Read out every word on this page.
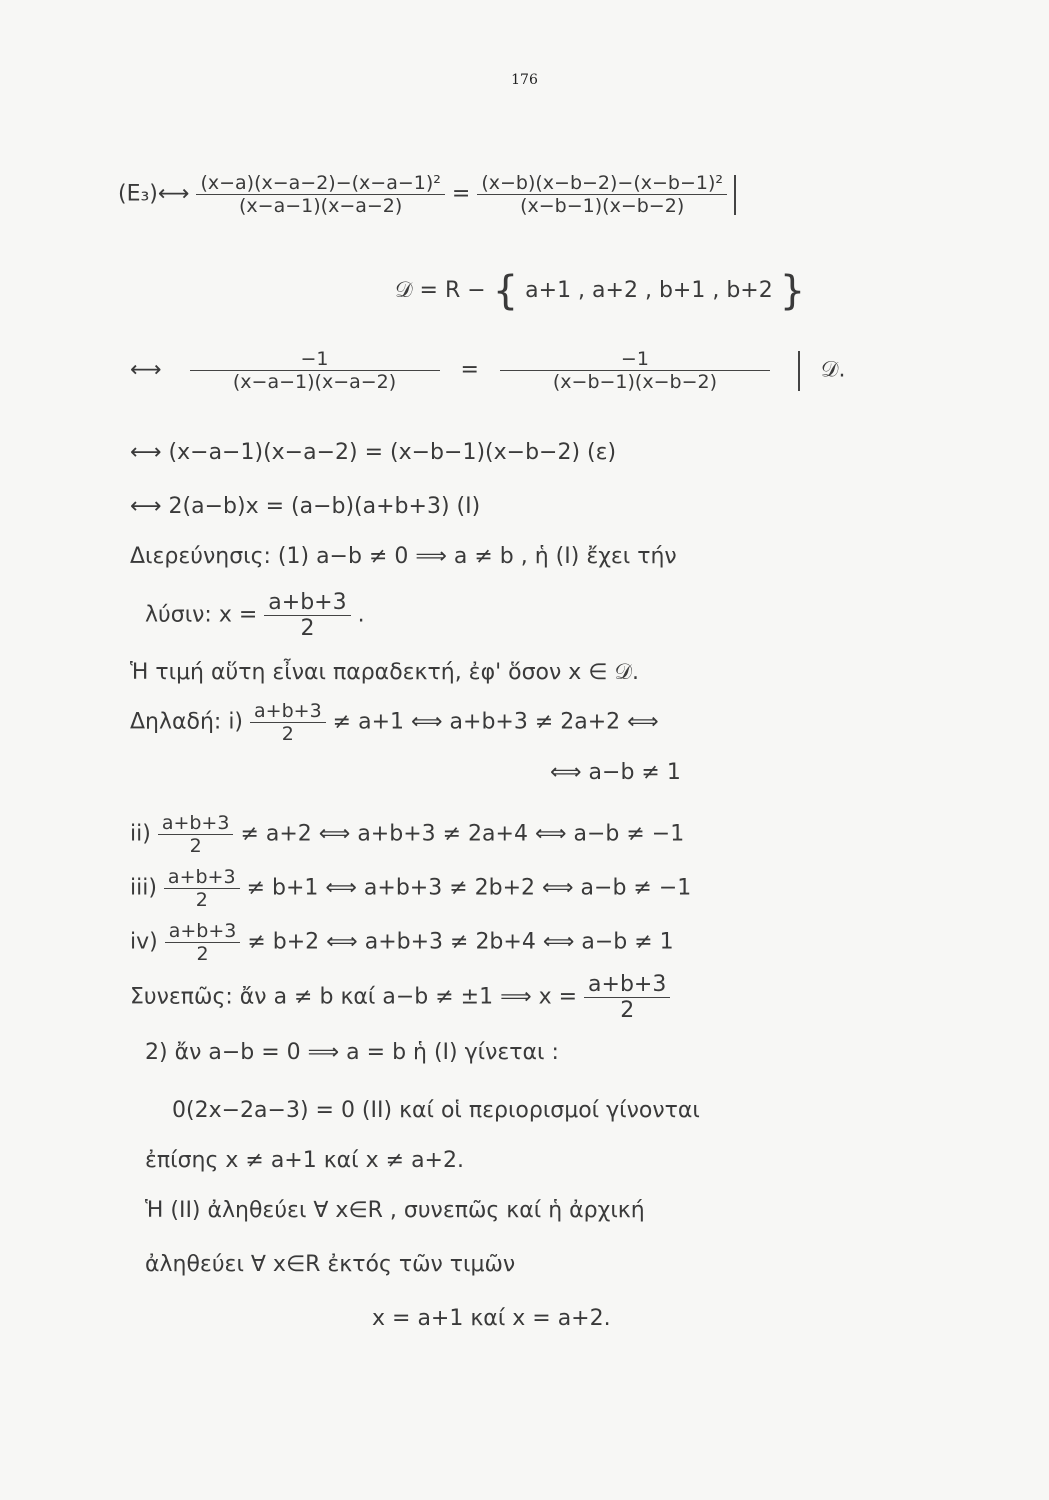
176
(E₃)⟷ $\frac{\text{(x−a)(x−a−2)−(x−a−1)²}}{(x-a-1)(x-a-2)} = \frac{\text{(x−b)(x−b−2)−(x−b−1)²}}{(x-b-1)(x-b-2)}$

𝒟 = R − { a+1 , a+2 , b+1 , b+2 }
⟷ $\frac{-1}{(x-a-1)(x-a-2)} = \frac{-1}{(x-b-1)(x-b-2)}$ 𝒟.
⟷ (x−a−1)(x−a−2) = (x−b−1)(x−b−2) (ε)
⟷ 2(a−b)x = (a−b)(a+b+3) (I)
Διερεύνησις: (1) a−b ≠ 0 ⟹ a ≠ b , ἡ (I) ἔχει τήν
λύσιν: $x = \frac{a+b+3}{2}$ .
Ἡ τιμή αὕτη εἶναι παραδεκτή, ἐφ' ὅσον x ∈ 𝒟.
Δηλαδή: $i) \frac{a+b+3}{2} \ne a+1$ ⟺ a+b+3 ≠ 2a+2 ⟺
⟺ a−b ≠ 1
$ii) \frac{a+b+3}{2} \ne a+2$ ⟺ a+b+3 ≠ 2a+4 ⟺ a−b ≠ −1
$iii) \frac{a+b+3}{2} \ne b+1$ ⟺ a+b+3 ≠ 2b+2 ⟺ a−b ≠ −1
$iv) \frac{a+b+3}{2} \ne b+2$ ⟺ a+b+3 ≠ 2b+4 ⟺ a−b ≠ 1
Συνεπῶς: ἄν a ≠ b καί a−b ≠ ±1 ⟹ $x = \frac{a+b+3}{2}$
2) ἄν a−b = 0 ⟹ a = b ἡ (I) γίνεται :
0(2x−2a−3) = 0 (II) καί οἱ περιορισμοί γίνονται
ἐπίσης x ≠ a+1 καί x ≠ a+2.
Ἡ (II) ἀληθεύει ∀ x∈R , συνεπῶς καί ἡ ἀρχική
ἀληθεύει ∀ x∈R ἐκτός τῶν τιμῶν
x = a+1 καί x = a+2.
